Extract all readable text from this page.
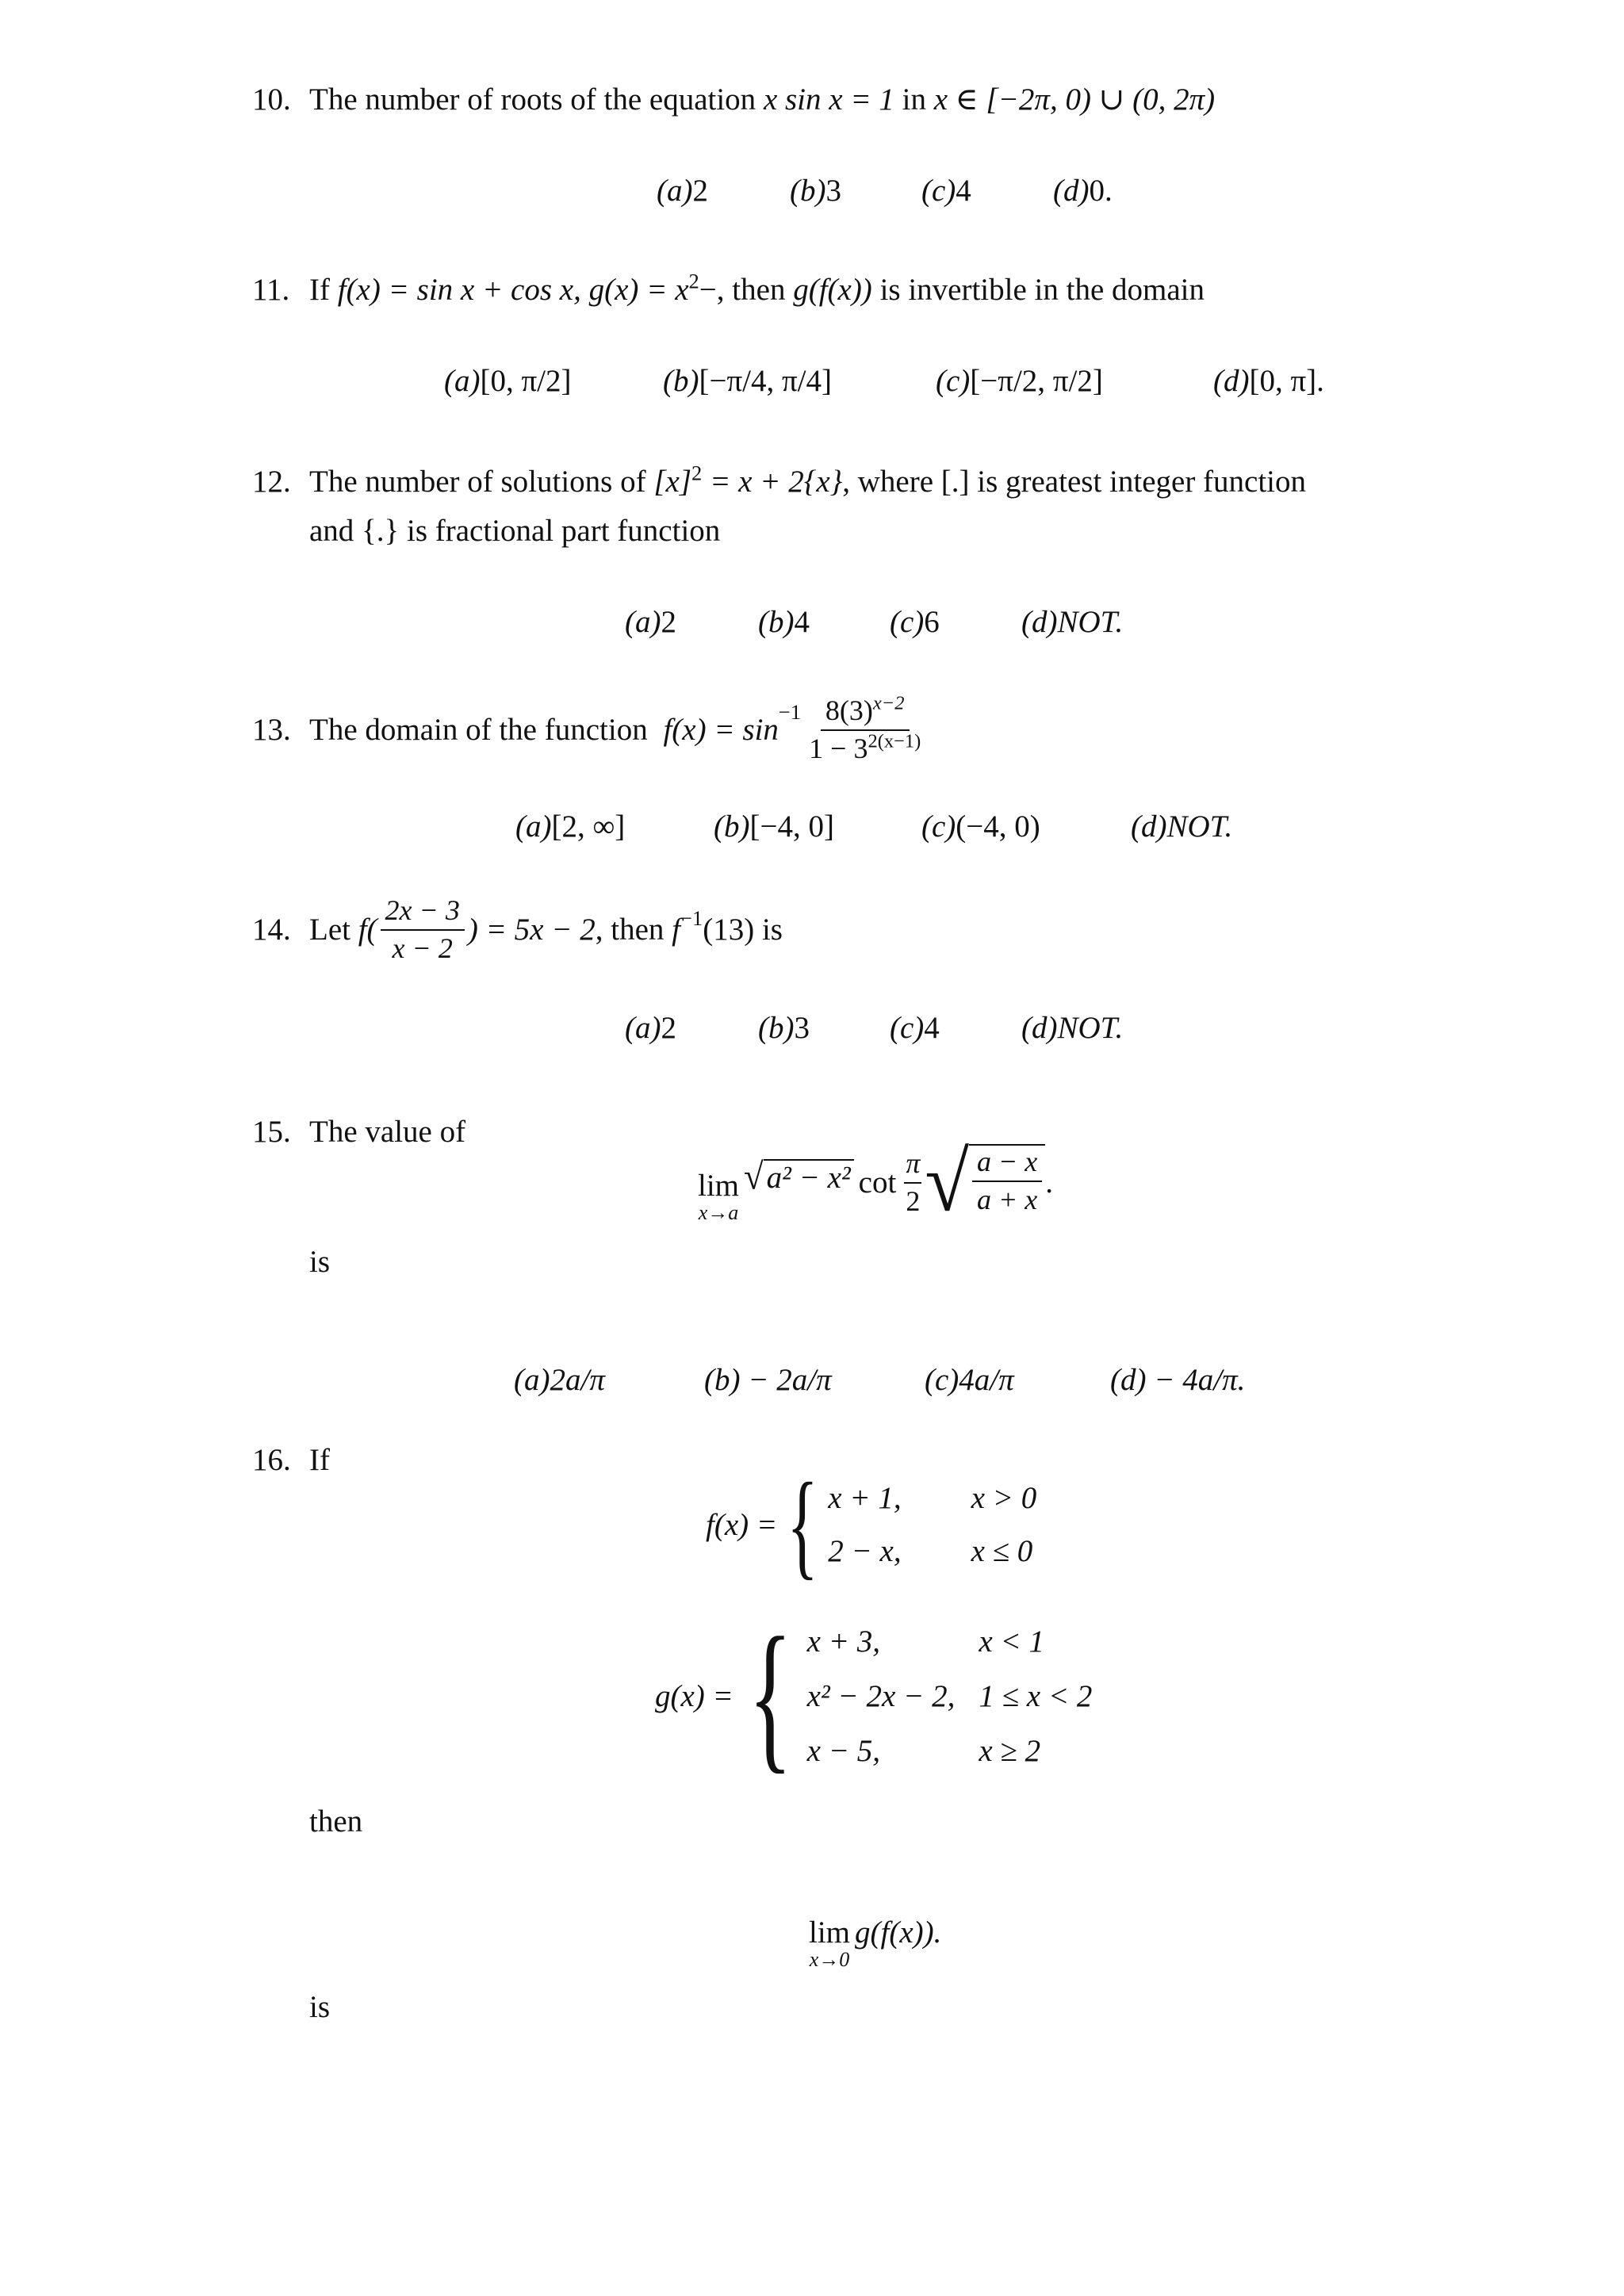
10. The number of roots of the equation x sin x = 1 in x ∈ [−2π, 0) ∪ (0, 2π)
(a)2	(b)3	(c)4	(d)0.
11. If f(x) = sin x + cos x, $g(x) = x^2-$, then g(f(x)) is invertible in the domain
(a)[0, π/2]	(b)[−π/4, π/4]	(c)[−π/2, π/2]	(d)[0, π].
12. The number of solutions of $[x]^2 = x + 2\{x\}$, where [.] is greatest integer function
and {.} is fractional part function
(a)2	(b)4	(c)6	(d)NOT.
13. The domain of the function f(x) = sin
$-1 \frac{8(3)^{x-2}}{1 - 3^{2(x-1)}}$
(a)[2, ∞]	(b)[−4, 0]	(c)(−4, 0)	(d)NOT.
14. Let $f( \frac{2x - 3}{x - 2}$ ) = 5x − 2 , then f −1 (13) is
(a)2	(b)3	(c)4	(d)NOT.
15. The value of
lim
x→a
√ a² − x² $\cot \frac{\pi}{2}$ √ $\frac{a - x}{a + x}$ .
is
(a)2a/π	(b) − 2a/π	(c)4a/π	(d) − 4a/π.
16. If
f(x) = { x + 1,	x > 0
2 − x,	x ≤ 0
g(x) = { x + 3,	x < 1
x² − 2x − 2, 1 ≤ x < 2
x − 5,	x ≥ 2
then
lim
x→0
g(f(x)).
is
